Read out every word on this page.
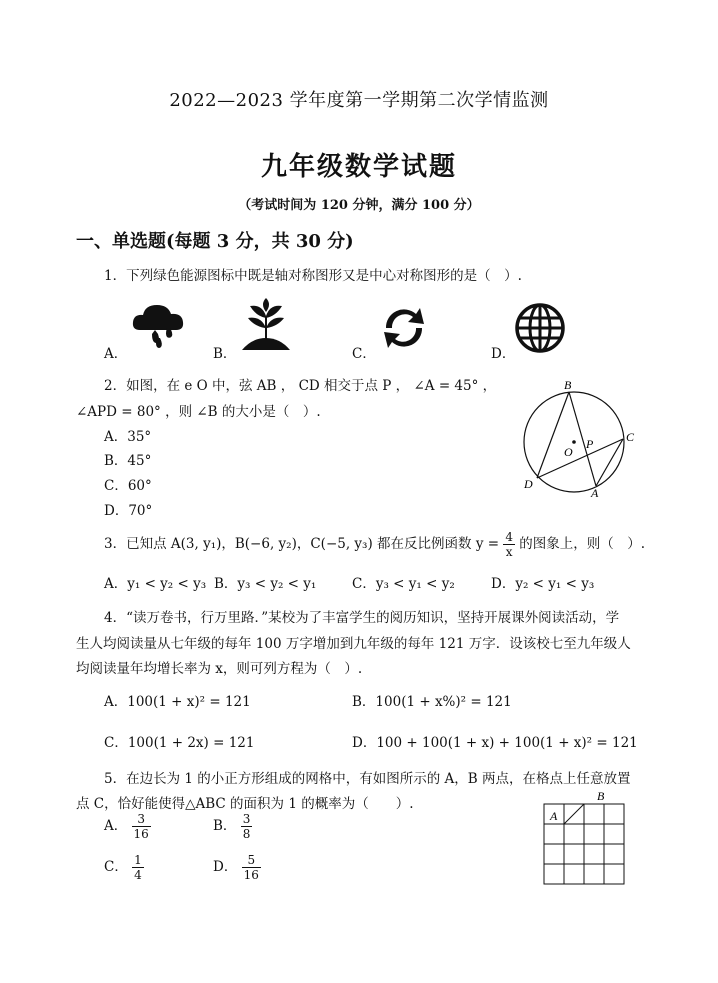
2022—2023 学年度第一学期第二次学情监测
九年级数学试题
（考试时间为 120 分钟，满分 100 分）
一、单选题(每题 3 分，共 30 分)
1．下列绿色能源图标中既是轴对称图形又是中心对称图形的是（　）.
A．	B．	C．	D．
2．如图，在 e O 中，弦 AB ， CD 相交于点 P ， ∠A = 45° ，
∠APD = 80° ，则 ∠B 的大小是（　）.
A．35°
B．45°
C．60°
D．70°
B
C
D
A
O
P
3．已知点 A(3, y₁)，B(−6, y₂)，C(−5, y₃) 都在反比例函数 $y = \frac{4}{x}$ 的图象上，则（　）.
A．y₁ < y₂ < y₃ B．y₃ < y₂ < y₁	C．y₃ < y₁ < y₂	D．y₂ < y₁ < y₃
4．“读万卷书，行万里路．”某校为了丰富学生的阅历知识，坚持开展课外阅读活动，学
生人均阅读量从七年级的每年 100 万字增加到九年级的每年 121 万字．设该校七至九年级人
均阅读量年均增长率为 x，则可列方程为（　）.
A．100(1 + x)² = 121	B．100(1 + x%)² = 121
C．100(1 + 2x) = 121	D．100 + 100(1 + x) + 100(1 + x)² = 121
5．在边长为 1 的小正方形组成的网格中，有如图所示的 A，B 两点，在格点上任意放置
点 C，恰好能使得△ABC 的面积为 1 的概率为（　　）.
A． $\frac{3}{16}$	B． $\frac{3}{8}$
C． $\frac{1}{4}$	D． $\frac{5}{16}$
B
A
